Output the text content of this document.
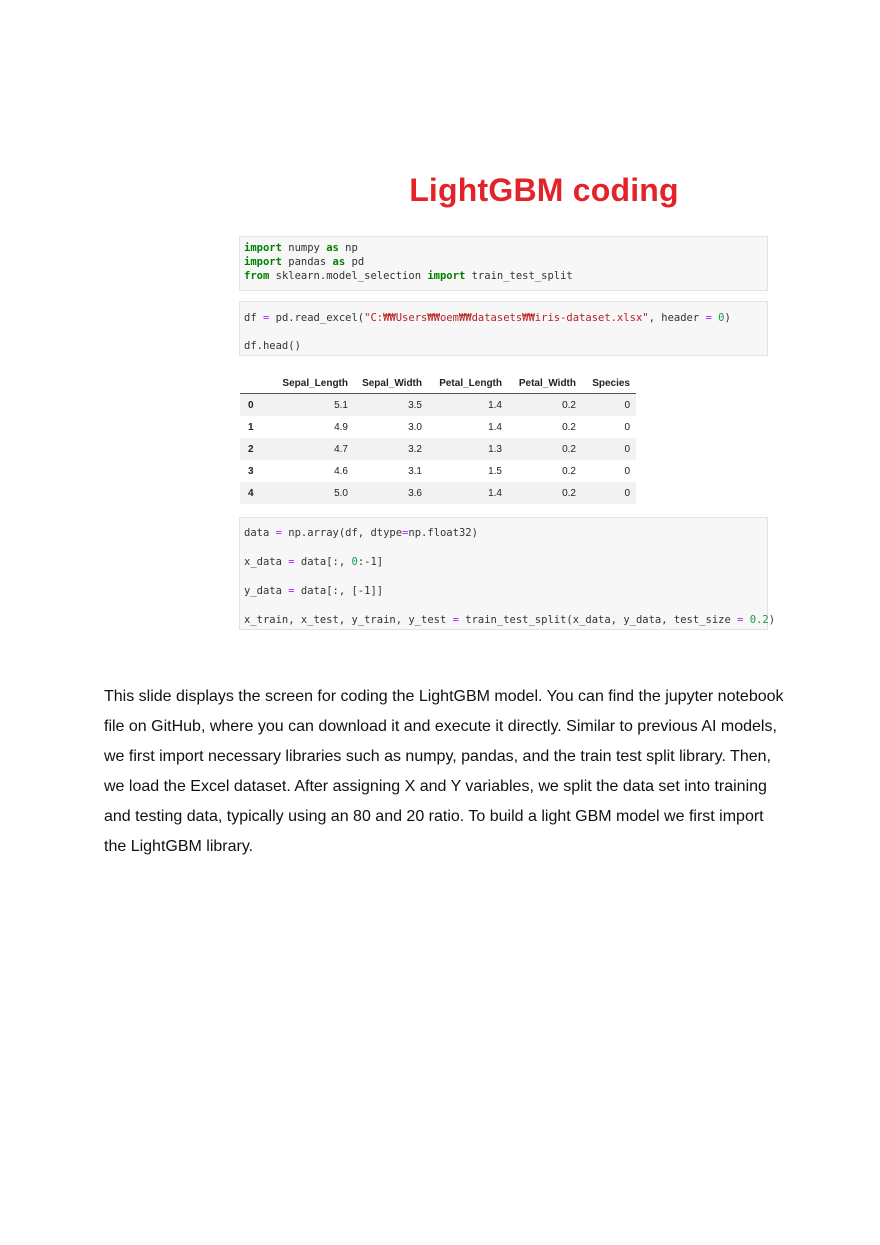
LightGBM coding
import numpy as np
import pandas as pd
from sklearn.model_selection import train_test_split
df = pd.read_excel("C:₩₩Users₩₩oem₩₩datasets₩₩iris-dataset.xlsx", header = 0)
df.head()
	Sepal_Length	Sepal_Width	Petal_Length	Petal_Width	Species
0	5.1	3.5	1.4	0.2	0
1	4.9	3.0	1.4	0.2	0
2	4.7	3.2	1.3	0.2	0
3	4.6	3.1	1.5	0.2	0
4	5.0	3.6	1.4	0.2	0
data = np.array(df, dtype=np.float32)
x_data = data[:, 0:-1]
y_data = data[:, [-1]]
x_train, x_test, y_train, y_test = train_test_split(x_data, y_data, test_size = 0.2)
This slide displays the screen for coding the LightGBM model. You can find the jupyter notebook file on GitHub, where you can download it and execute it directly. Similar to previous AI models, we first import necessary libraries such as numpy, pandas, and the train test split library. Then, we load the Excel dataset. After assigning X and Y variables, we split the data set into training and testing data, typically using an 80 and 20 ratio. To build a light GBM model we first import the LightGBM library.
